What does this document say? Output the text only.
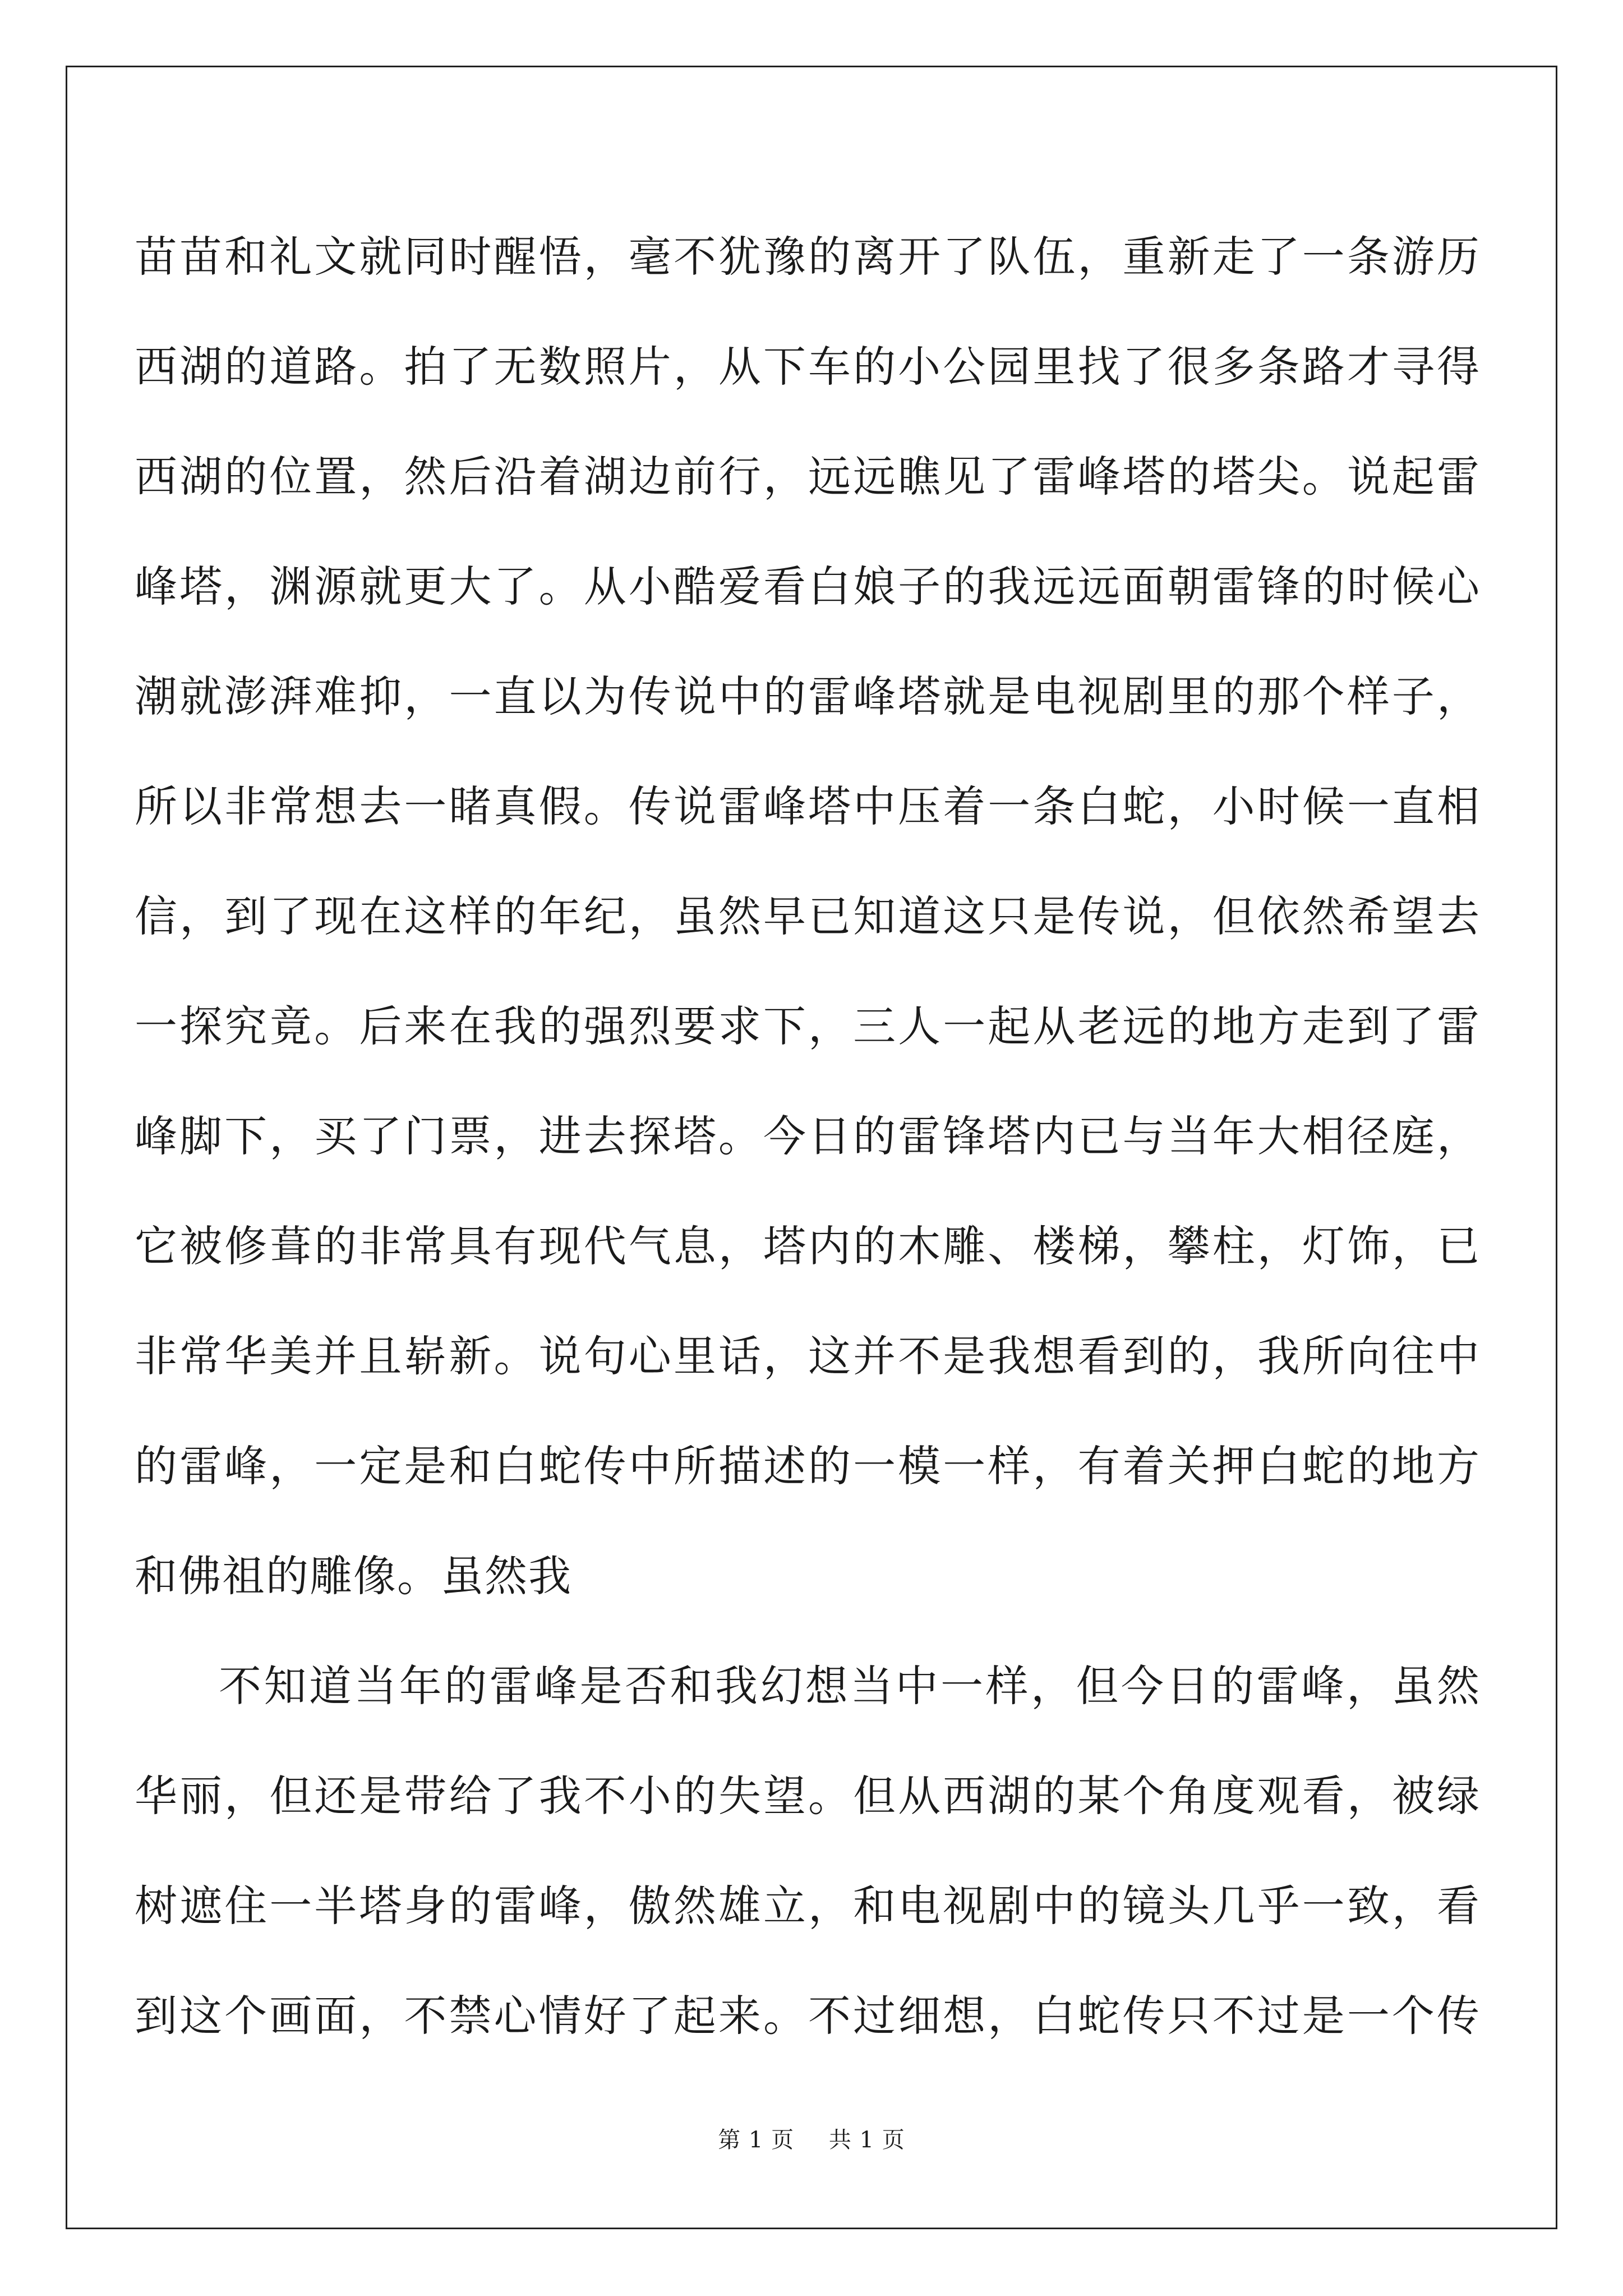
苗苗和礼文就同时醒悟，毫不犹豫的离开了队伍，重新走了一条游历
西湖的道路。拍了无数照片，从下车的小公园里找了很多条路才寻得
西湖的位置，然后沿着湖边前行，远远瞧见了雷峰塔的塔尖。说起雷
峰塔，渊源就更大了。从小酷爱看白娘子的我远远面朝雷锋的时候心
潮就澎湃难抑，一直以为传说中的雷峰塔就是电视剧里的那个样子，
所以非常想去一睹真假。传说雷峰塔中压着一条白蛇，小时候一直相
信，到了现在这样的年纪，虽然早已知道这只是传说，但依然希望去
一探究竟。后来在我的强烈要求下，三人一起从老远的地方走到了雷
峰脚下，买了门票，进去探塔。今日的雷锋塔内已与当年大相径庭，
它被修葺的非常具有现代气息，塔内的木雕、楼梯，攀柱，灯饰，已
非常华美并且崭新。说句心里话，这并不是我想看到的，我所向往中
的雷峰，一定是和白蛇传中所描述的一模一样，有着关押白蛇的地方
和佛祖的雕像。虽然我
不知道当年的雷峰是否和我幻想当中一样，但今日的雷峰，虽然
华丽，但还是带给了我不小的失望。但从西湖的某个角度观看，被绿
树遮住一半塔身的雷峰，傲然雄立，和电视剧中的镜头几乎一致，看
到这个画面，不禁心情好了起来。不过细想，白蛇传只不过是一个传
第 1 页 共 1 页
